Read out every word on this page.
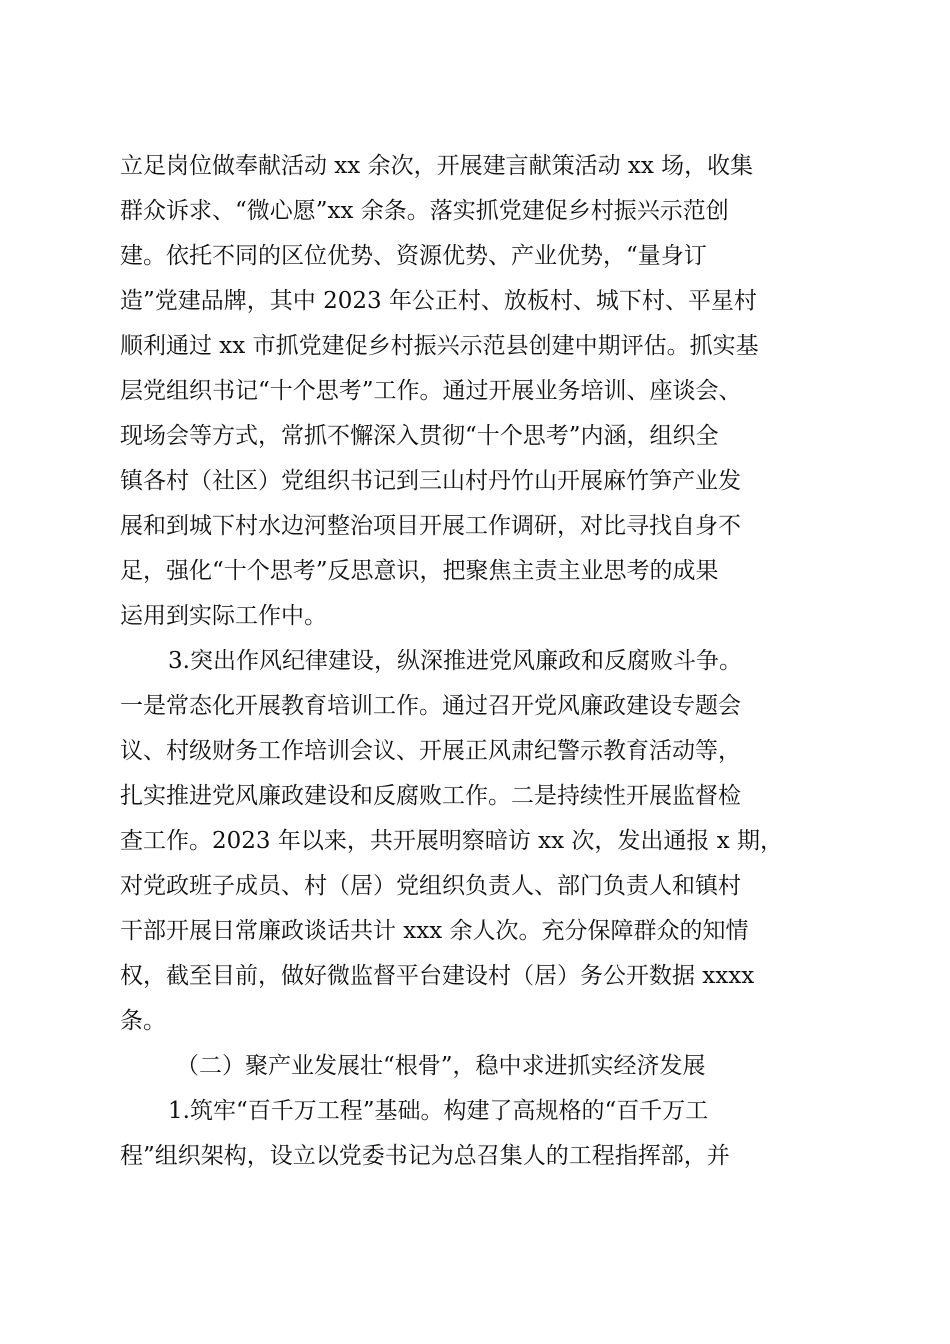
立足岗位做奉献活动 xx 余次，开展建言献策活动 xx 场，收集
群众诉求、“微心愿”xx 余条。落实抓党建促乡村振兴示范创
建。依托不同的区位优势、资源优势、产业优势，“量身订
造”党建品牌，其中 2023 年公正村、放板村、城下村、平星村
顺利通过 xx 市抓党建促乡村振兴示范县创建中期评估。抓实基
层党组织书记“十个思考”工作。通过开展业务培训、座谈会、
现场会等方式，常抓不懈深入贯彻“十个思考”内涵，组织全
镇各村（社区）党组织书记到三山村丹竹山开展麻竹笋产业发
展和到城下村水边河整治项目开展工作调研，对比寻找自身不
足，强化“十个思考”反思意识，把聚焦主责主业思考的成果
运用到实际工作中。
3.突出作风纪律建设，纵深推进党风廉政和反腐败斗争。
一是常态化开展教育培训工作。通过召开党风廉政建设专题会
议、村级财务工作培训会议、开展正风肃纪警示教育活动等，
扎实推进党风廉政建设和反腐败工作。二是持续性开展监督检
查工作。2023 年以来，共开展明察暗访 xx 次，发出通报 x 期，
对党政班子成员、村（居）党组织负责人、部门负责人和镇村
干部开展日常廉政谈话共计 xxx 余人次。充分保障群众的知情
权，截至目前，做好微监督平台建设村（居）务公开数据 xxxx
条。
（二）聚产业发展壮“根骨”，稳中求进抓实经济发展
1.筑牢“百千万工程”基础。构建了高规格的“百千万工
程”组织架构，设立以党委书记为总召集人的工程指挥部，并
